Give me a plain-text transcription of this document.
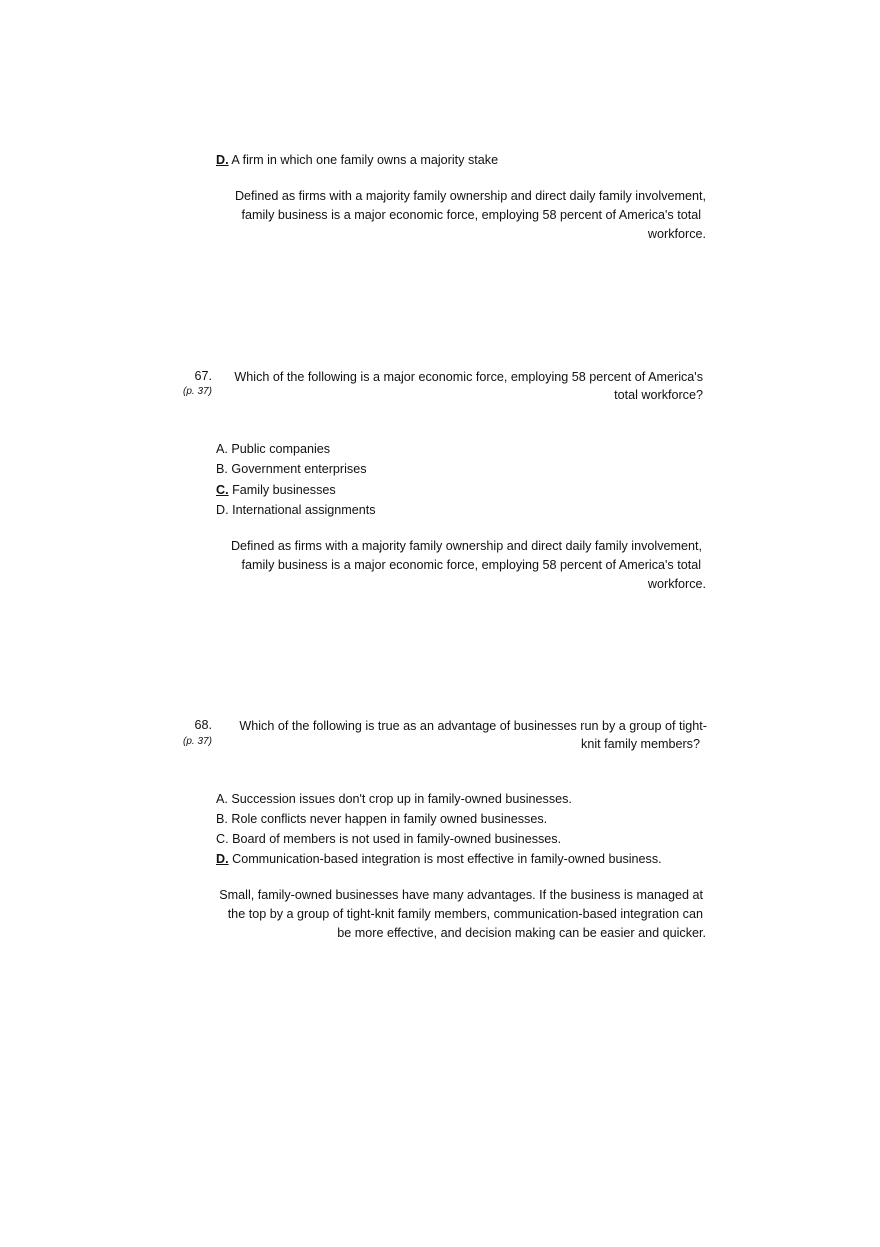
D. A firm in which one family owns a majority stake
Defined as firms with a majority family ownership and direct daily family involvement,
family business is a major economic force, employing 58 percent of America's total
workforce.
67.
(p. 37)
Which of the following is a major economic force, employing 58 percent of America's
total workforce?
A. Public companies
B. Government enterprises
C. Family businesses
D. International assignments
Defined as firms with a majority family ownership and direct daily family involvement,
family business is a major economic force, employing 58 percent of America's total
workforce.
68.
(p. 37)
Which of the following is true as an advantage of businesses run by a group of tight-
knit family members?
A. Succession issues don't crop up in family-owned businesses.
B. Role conflicts never happen in family owned businesses.
C. Board of members is not used in family-owned businesses.
D. Communication-based integration is most effective in family-owned business.
Small, family-owned businesses have many advantages. If the business is managed at
the top by a group of tight-knit family members, communication-based integration can
be more effective, and decision making can be easier and quicker.
